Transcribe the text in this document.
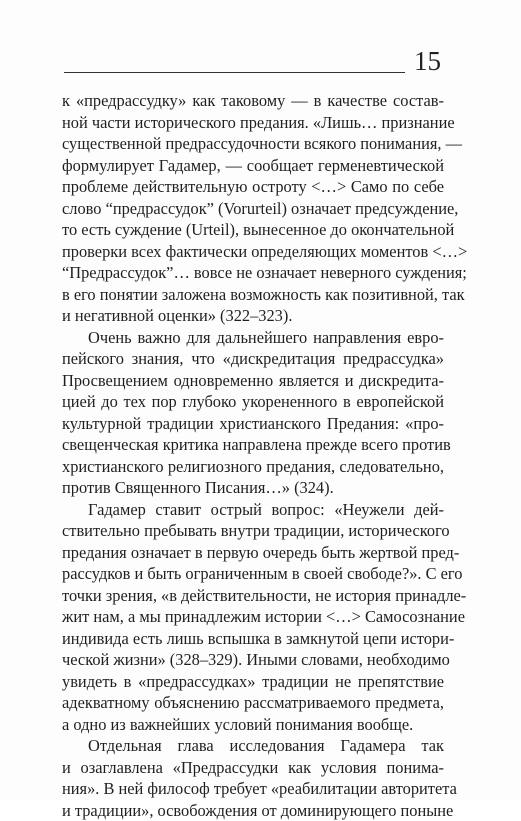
15
к «предрассудку» как таковому — в качестве состав-
ной части исторического предания. «Лишь… признание
существенной предрассудочности всякого понимания, —
формулирует Гадамер, — сообщает герменевтической
проблеме действительную остроту <…> Само по себе
слово “предрассудок” (Vorurteil) означает предсуждение,
то есть суждение (Urteil), вынесенное до окончательной
проверки всех фактически определяющих моментов <…>
“Предрассудок”… вовсе не означает неверного суждения;
в его понятии заложена возможность как позитивной, так
и негативной оценки» (322–323).
Очень важно для дальнейшего направления евро-
пейского знания, что «дискредитация предрассудка»
Просвещением одновременно является и дискредита-
цией до тех пор глубоко укорененного в европейской
культурной традиции христианского Предания: «про-
свещенческая критика направлена прежде всего против
христианского религиозного предания, следовательно,
против Священного Писания…» (324).
Гадамер ставит острый вопрос: «Неужели дей-
ствительно пребывать внутри традиции, исторического
предания означает в первую очередь быть жертвой пред-
рассудков и быть ограниченным в своей свободе?». С его
точки зрения, «в действительности, не история принадле-
жит нам, а мы принадлежим истории <…> Самосознание
индивида есть лишь вспышка в замкнутой цепи истори-
ческой жизни» (328–329). Иными словами, необходимо
увидеть в «предрассудках» традиции не препятствие
адекватному объяснению рассматриваемого предмета,
а одно из важнейших условий понимания вообще.
Отдельная глава исследования Гадамера так
и озаглавлена «Предрассудки как условия понима-
ния». В ней философ требует «реабилитации авторитета
и традиции», освобождения от доминирующего поныне
